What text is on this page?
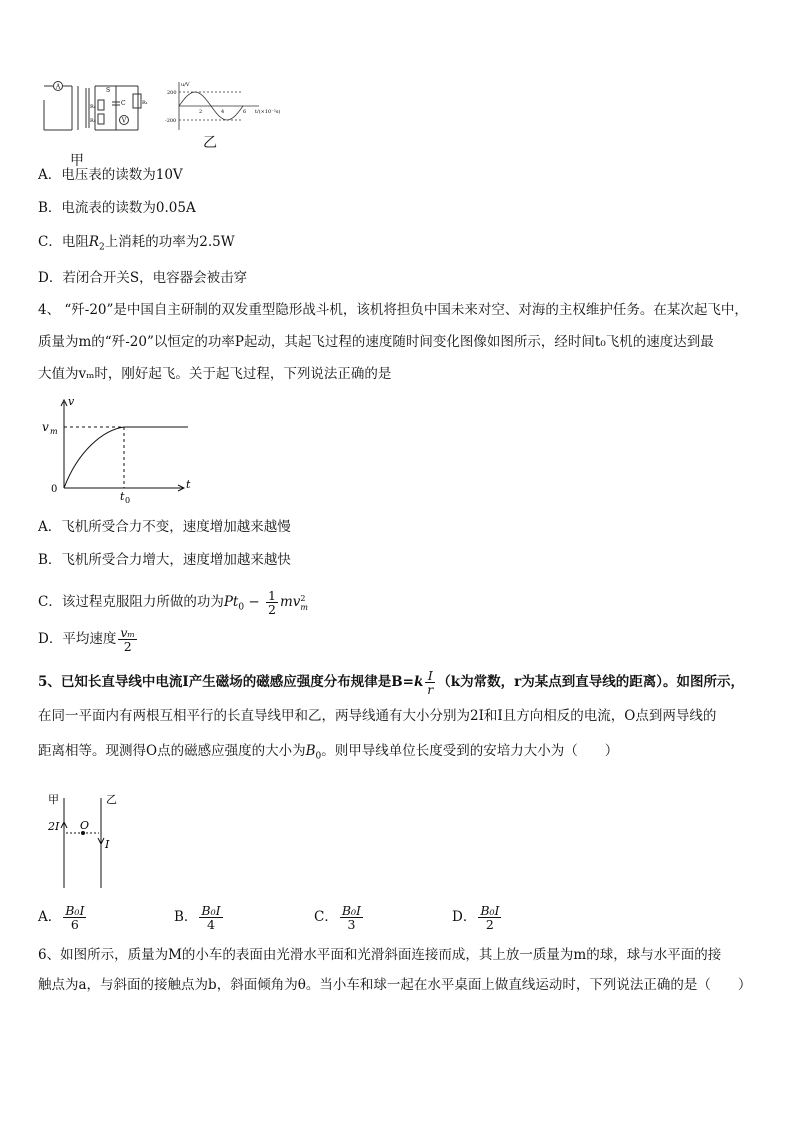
A
V
S
C	R₁
R₂
R₃
甲
200
-200
u/V
2	4	6 t/(×10⁻²s)
乙
A．电压表的读数为10V
B．电流表的读数为0.05A
C．电阻$R_2$上消耗的功率为2.5W
D．若闭合开关S，电容器会被击穿
4、 “歼-20”是中国自主研制的双发重型隐形战斗机，该机将担负中国未来对空、对海的主权维护任务。在某次起飞中，
质量为m的“歼-20”以恒定的功率P起动，其起飞过程的速度随时间变化图像如图所示，经时间t₀飞机的速度达到最
大值为vₘ时，刚好起飞。关于起飞过程，下列说法正确的是
v
t
v m
0
t 0
A．飞机所受合力不变，速度增加越来越慢
B．飞机所受合力增大，速度增加越来越快
C．该过程克服阻力所做的功为$Pt_0 - \frac{1}{2}$ mv 2
m
D．平均速度 $\frac{\text{vₘ}}{2}$
5、已知长直导线中电流I产生磁场的磁感应强度分布规律是$B=k \frac{I}{r} (k$为常数，r为某点到直导线的距离）。如图所示，
在同一平面内有两根互相平行的长直导线甲和乙，两导线通有大小分别为2I和I且方向相反的电流，O点到两导线的
距离相等。现测得O点的磁感应强度的大小为$B_0$。则甲导线单位长度受到的安培力大小为（　　）
甲	乙
2I O
I
A． $\frac{\text{B₀I}}{6}$	B． $\frac{\text{B₀I}}{4}$	C． $\frac{\text{B₀I}}{3}$	D． $\frac{\text{B₀I}}{2}$
6、如图所示，质量为M的小车的表面由光滑水平面和光滑斜面连接而成，其上放一质量为m的球，球与水平面的接
触点为a，与斜面的接触点为b，斜面倾角为θ。当小车和球一起在水平桌面上做直线运动时，下列说法正确的是（　　）
